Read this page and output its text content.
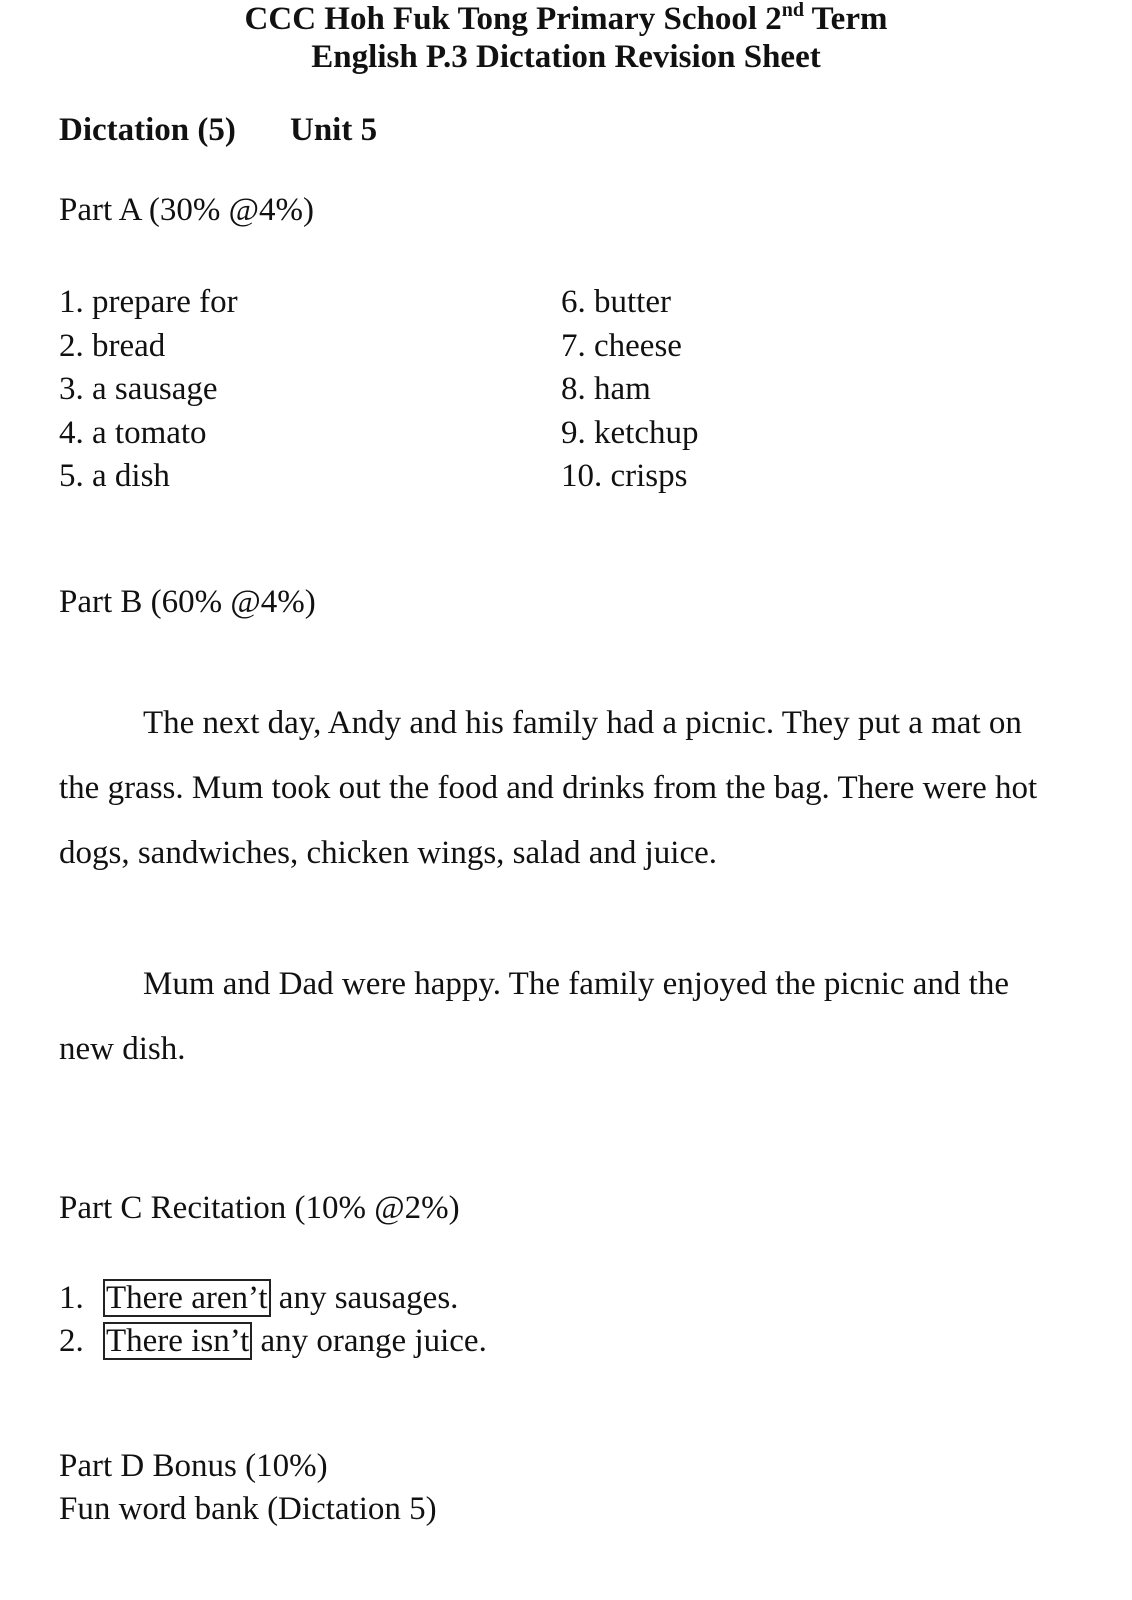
CCC Hoh Fuk Tong Primary School 2nd Term
English P.3 Dictation Revision Sheet
Dictation (5) Unit 5
Part A (30% @4%)
1. prepare for
2. bread
3. a sausage
4. a tomato
5. a dish
6. butter
7. cheese
8. ham
9. ketchup
10. crisps
Part B (60% @4%)

The next day, Andy and his family had a picnic. They put a mat on the grass. Mum took out the food and drinks from the bag. There were hot dogs, sandwiches, chicken wings, salad and juice.

Mum and Dad were happy. The family enjoyed the picnic and the new dish.

Part C Recitation (10% @2%)
1. There aren’t any sausages.
2. There isn’t any orange juice.
Part D Bonus (10%)
Fun word bank (Dictation 5)
